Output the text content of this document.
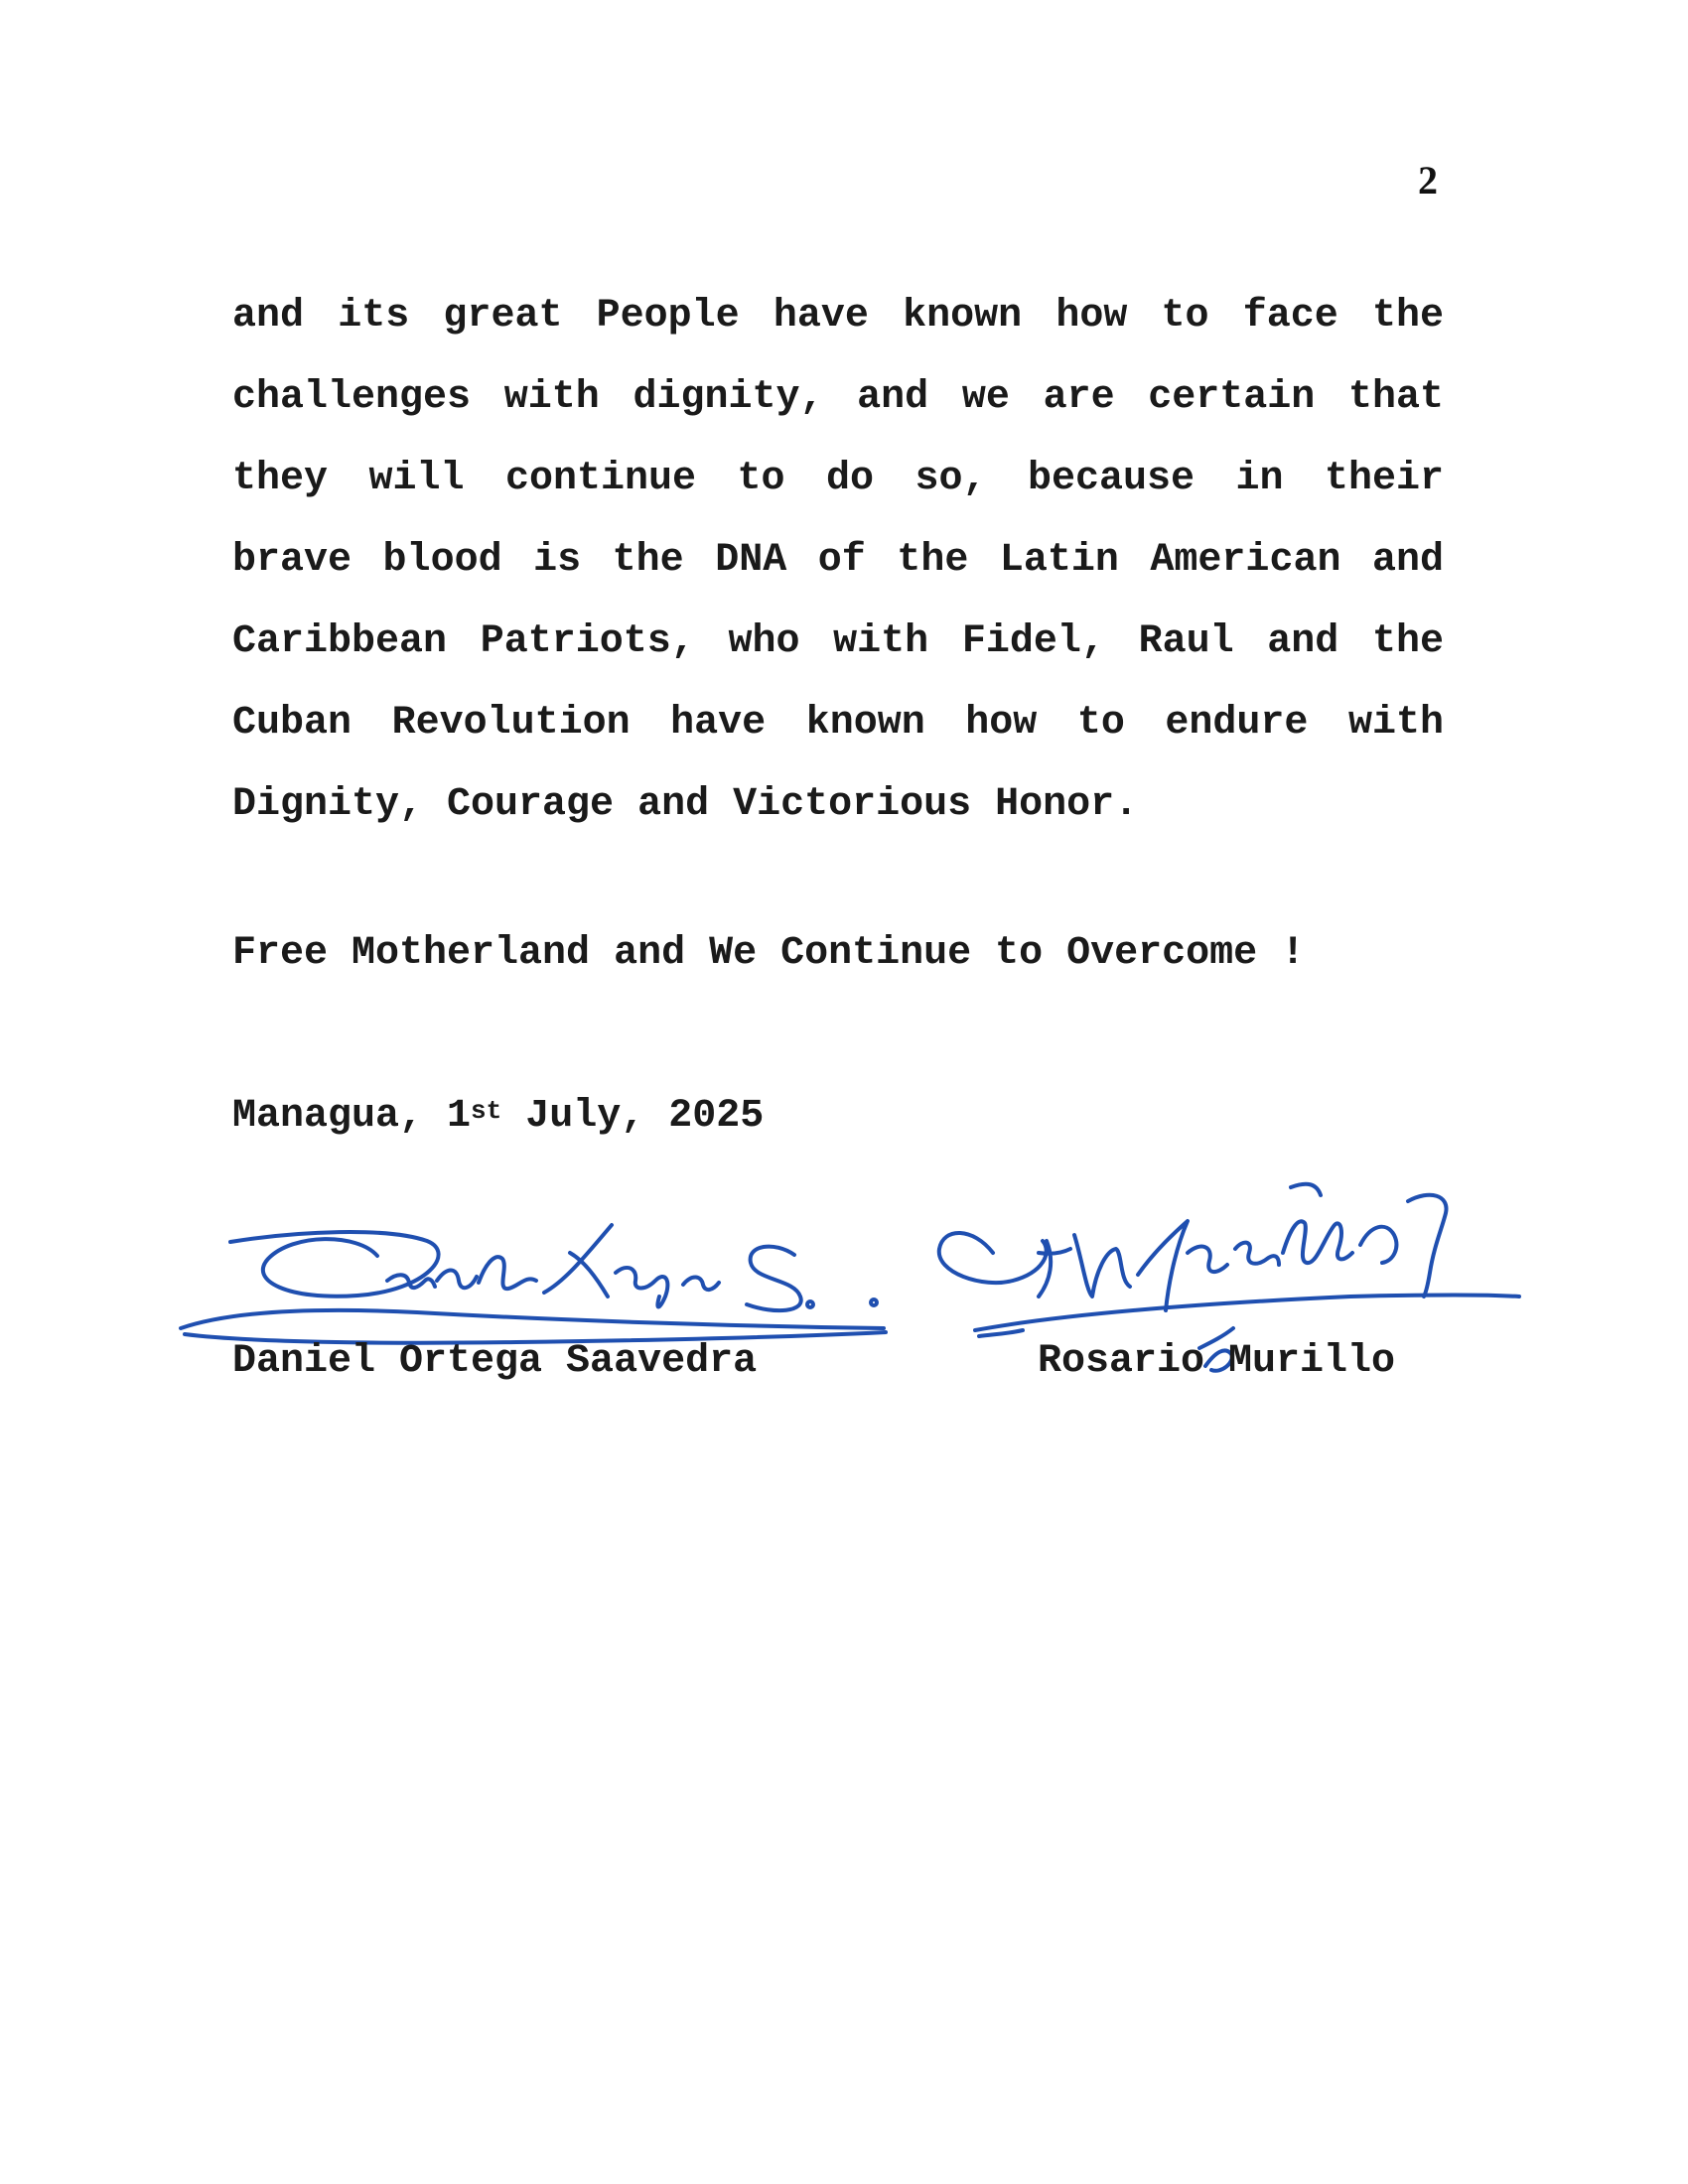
2
and its great People have known how to face the
challenges with dignity, and we are certain that
they will continue to do so, because in their
brave blood is the DNA of the Latin American and
Caribbean Patriots, who with Fidel, Raul and the
Cuban Revolution have known how to endure with
Dignity, Courage and Victorious Honor.
Free Motherland and We Continue to Overcome !
Managua, 1st July, 2025
Daniel Ortega Saavedra	Rosario Murillo
